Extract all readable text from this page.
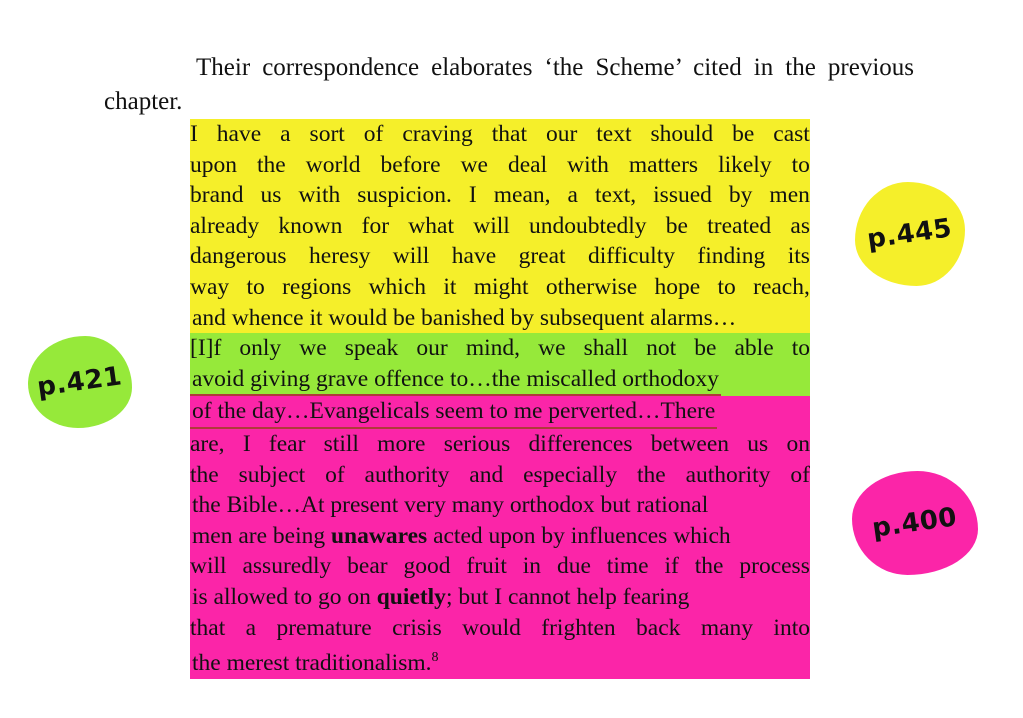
Their correspondence elaborates ‘the Scheme’ cited in the previous chapter.

I have a sort of craving that our text should be cast
upon the world before we deal with matters likely to
brand us with suspicion. I mean, a text, issued by men
already known for what will undoubtedly be treated as
dangerous heresy will have great difficulty finding its
way to regions which it might otherwise hope to reach,
and whence it would be banished by subsequent alarms…
[I]f only we speak our mind, we shall not be able to
avoid giving grave offence to…the miscalled orthodoxy
of the day…Evangelicals seem to me perverted…There
are, I fear still more serious differences between us on
the subject of authority and especially the authority of
the Bible…At present very many orthodox but rational
men are being unawares acted upon by influences which
will assuredly bear good fruit in due time if the process
is allowed to go on quietly; but I cannot help fearing
that a premature crisis would frighten back many into
the merest traditionalism.$^8$
p.421
p.445
p.400
